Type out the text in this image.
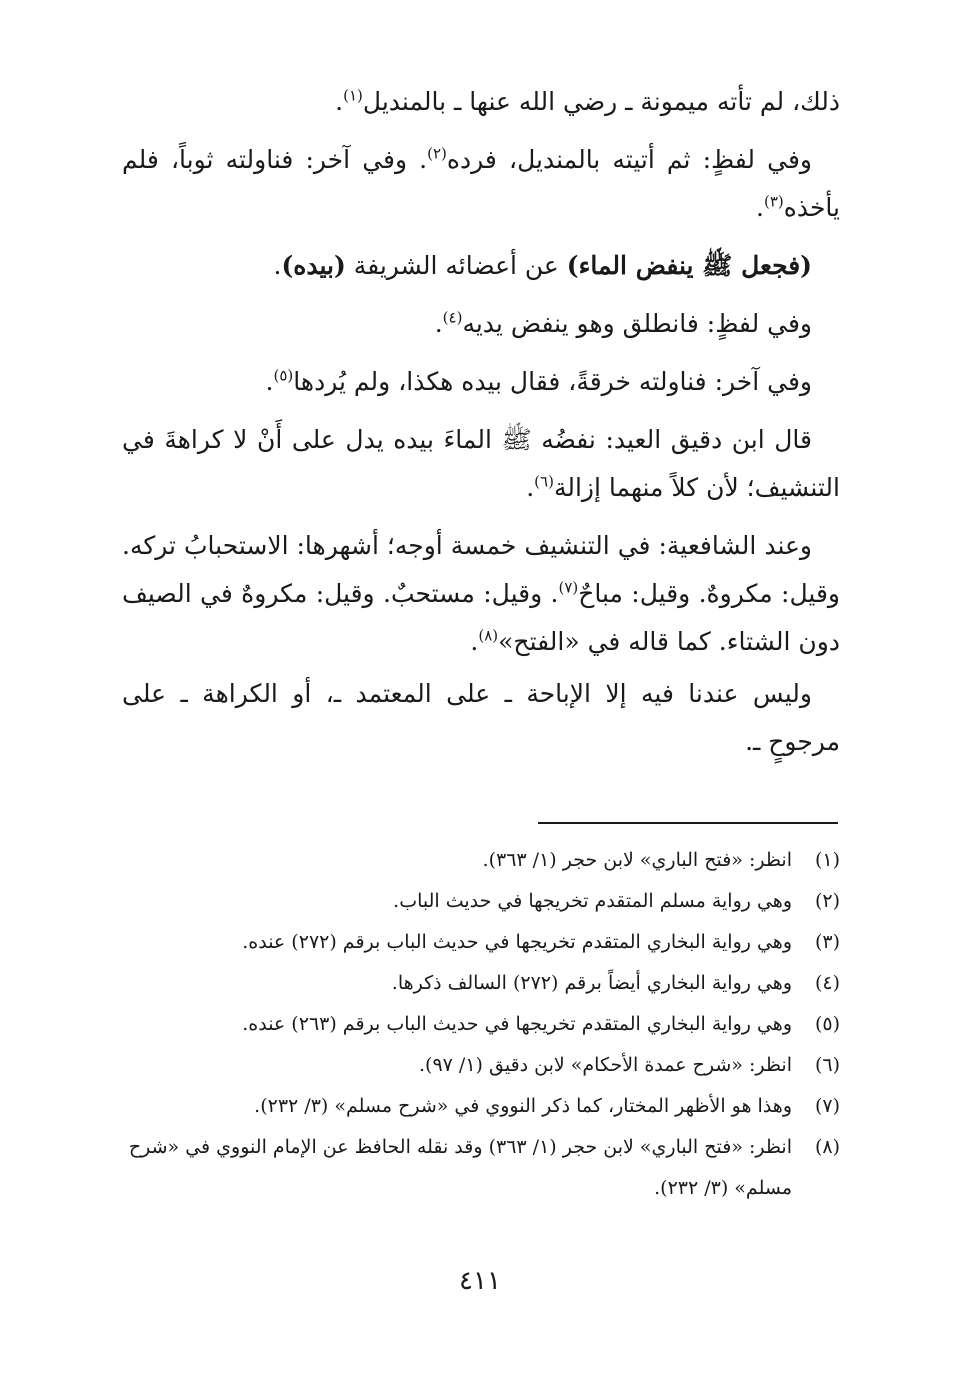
ذلك، لم تأته ميمونة ـ رضي الله عنها ـ بالمنديل$^{(١)}$.

وفي لفظٍ: ثم أتيته بالمنديل، فرده$^{(٢)}$. وفي آخر: فناولته ثوباً، فلم يأخذه$^{(٣)}$.

(فجعل ﷺ ينفض الماء) عن أعضائه الشريفة (بيده).

وفي لفظٍ: فانطلق وهو ينفض يديه$^{(٤)}$.

وفي آخر: فناولته خرقةً، فقال بيده هكذا، ولم يُردها$^{(٥)}$.

قال ابن دقيق العيد: نفضُه ﷺ الماءَ بيده يدل على أَنْ لا كراهةَ في التنشيف؛ لأن كلاً منهما إزالة$^{(٦)}$.

وعند الشافعية: في التنشيف خمسة أوجه؛ أشهرها: الاستحبابُ تركه. وقيل: مكروهٌ. وقيل: مباحٌ$^{(٧)}$. وقيل: مستحبٌ. وقيل: مكروهٌ في الصيف دون الشتاء. كما قاله في «الفتح»$^{(٨)}$.

وليس عندنا فيه إلا الإباحة ـ على المعتمد ـ، أو الكراهة ـ على مرجوحٍ ـ.

(١)
انظر: «فتح الباري» لابن حجر (١/ ٣٦٣).
(٢)
وهي رواية مسلم المتقدم تخريجها في حديث الباب.
(٣)
وهي رواية البخاري المتقدم تخريجها في حديث الباب برقم (٢٧٢) عنده.
(٤)
وهي رواية البخاري أيضاً برقم (٢٧٢) السالف ذكرها.
(٥)
وهي رواية البخاري المتقدم تخريجها في حديث الباب برقم (٢٦٣) عنده.
(٦)
انظر: «شرح عمدة الأحكام» لابن دقيق (١/ ٩٧).
(٧)
وهذا هو الأظهر المختار، كما ذكر النووي في «شرح مسلم» (٣/ ٢٣٢).
(٨)
انظر: «فتح الباري» لابن حجر (١/ ٣٦٣) وقد نقله الحافظ عن الإمام النووي في «شرح مسلم» (٣/ ٢٣٢).
٤١١
